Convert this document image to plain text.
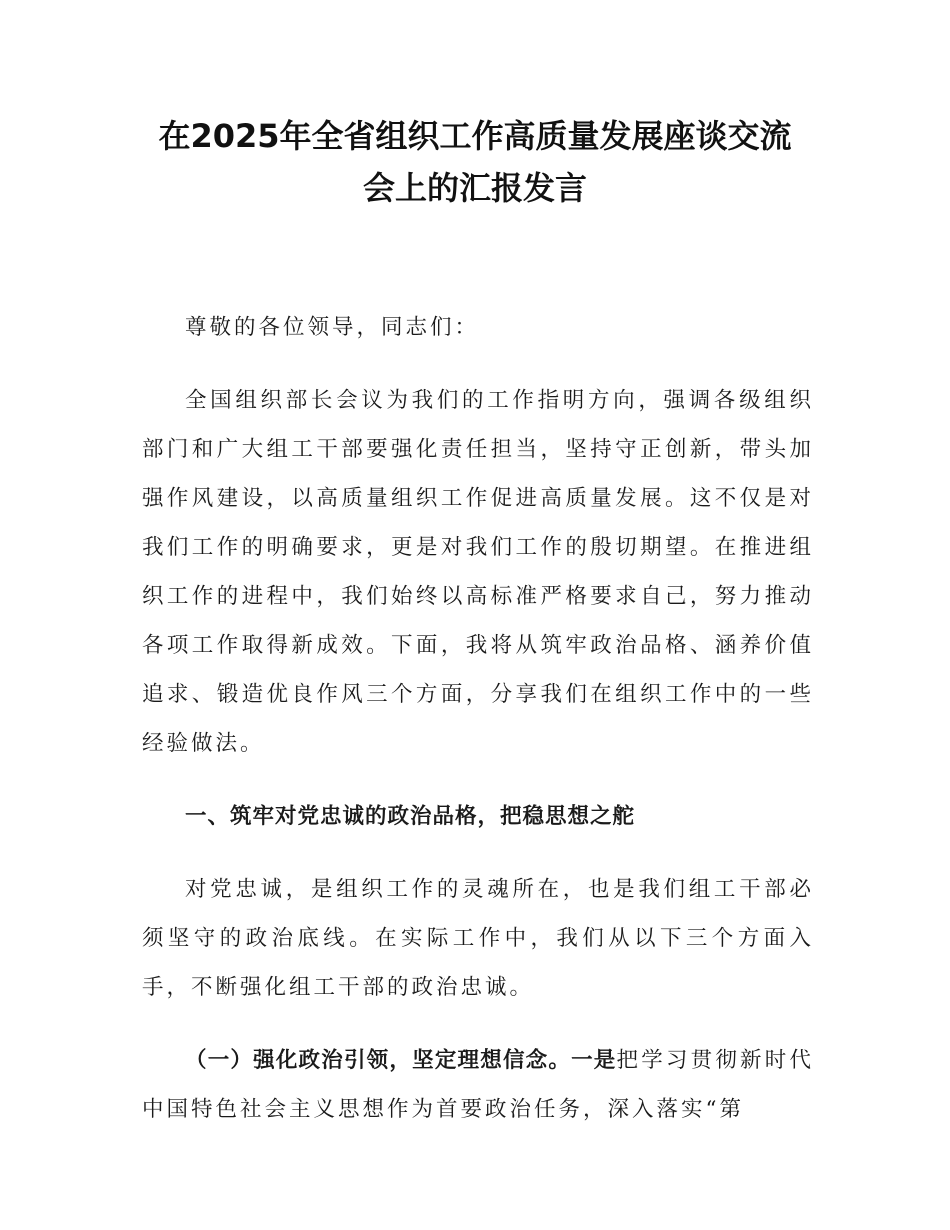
在2025年全省组织工作高质量发展座谈交流
会上的汇报发言

尊敬的各位领导，同志们：

全国组织部长会议为我们的工作指明方向，强调各级组织部门和广大组工干部要强化责任担当，坚持守正创新，带头加强作风建设，以高质量组织工作促进高质量发展。这不仅是对我们工作的明确要求，更是对我们工作的殷切期望。在推进组织工作的进程中，我们始终以高标准严格要求自己，努力推动各项工作取得新成效。下面，我将从筑牢政治品格、涵养价值追求、锻造优良作风三个方面，分享我们在组织工作中的一些经验做法。

一、筑牢对党忠诚的政治品格，把稳思想之舵

对党忠诚，是组织工作的灵魂所在，也是我们组工干部必须坚守的政治底线。在实际工作中，我们从以下三个方面入手，不断强化组工干部的政治忠诚。

（一）强化政治引领，坚定理想信念。一是把学习贯彻新时代中国特色社会主义思想作为首要政治任务，深入落实“第
